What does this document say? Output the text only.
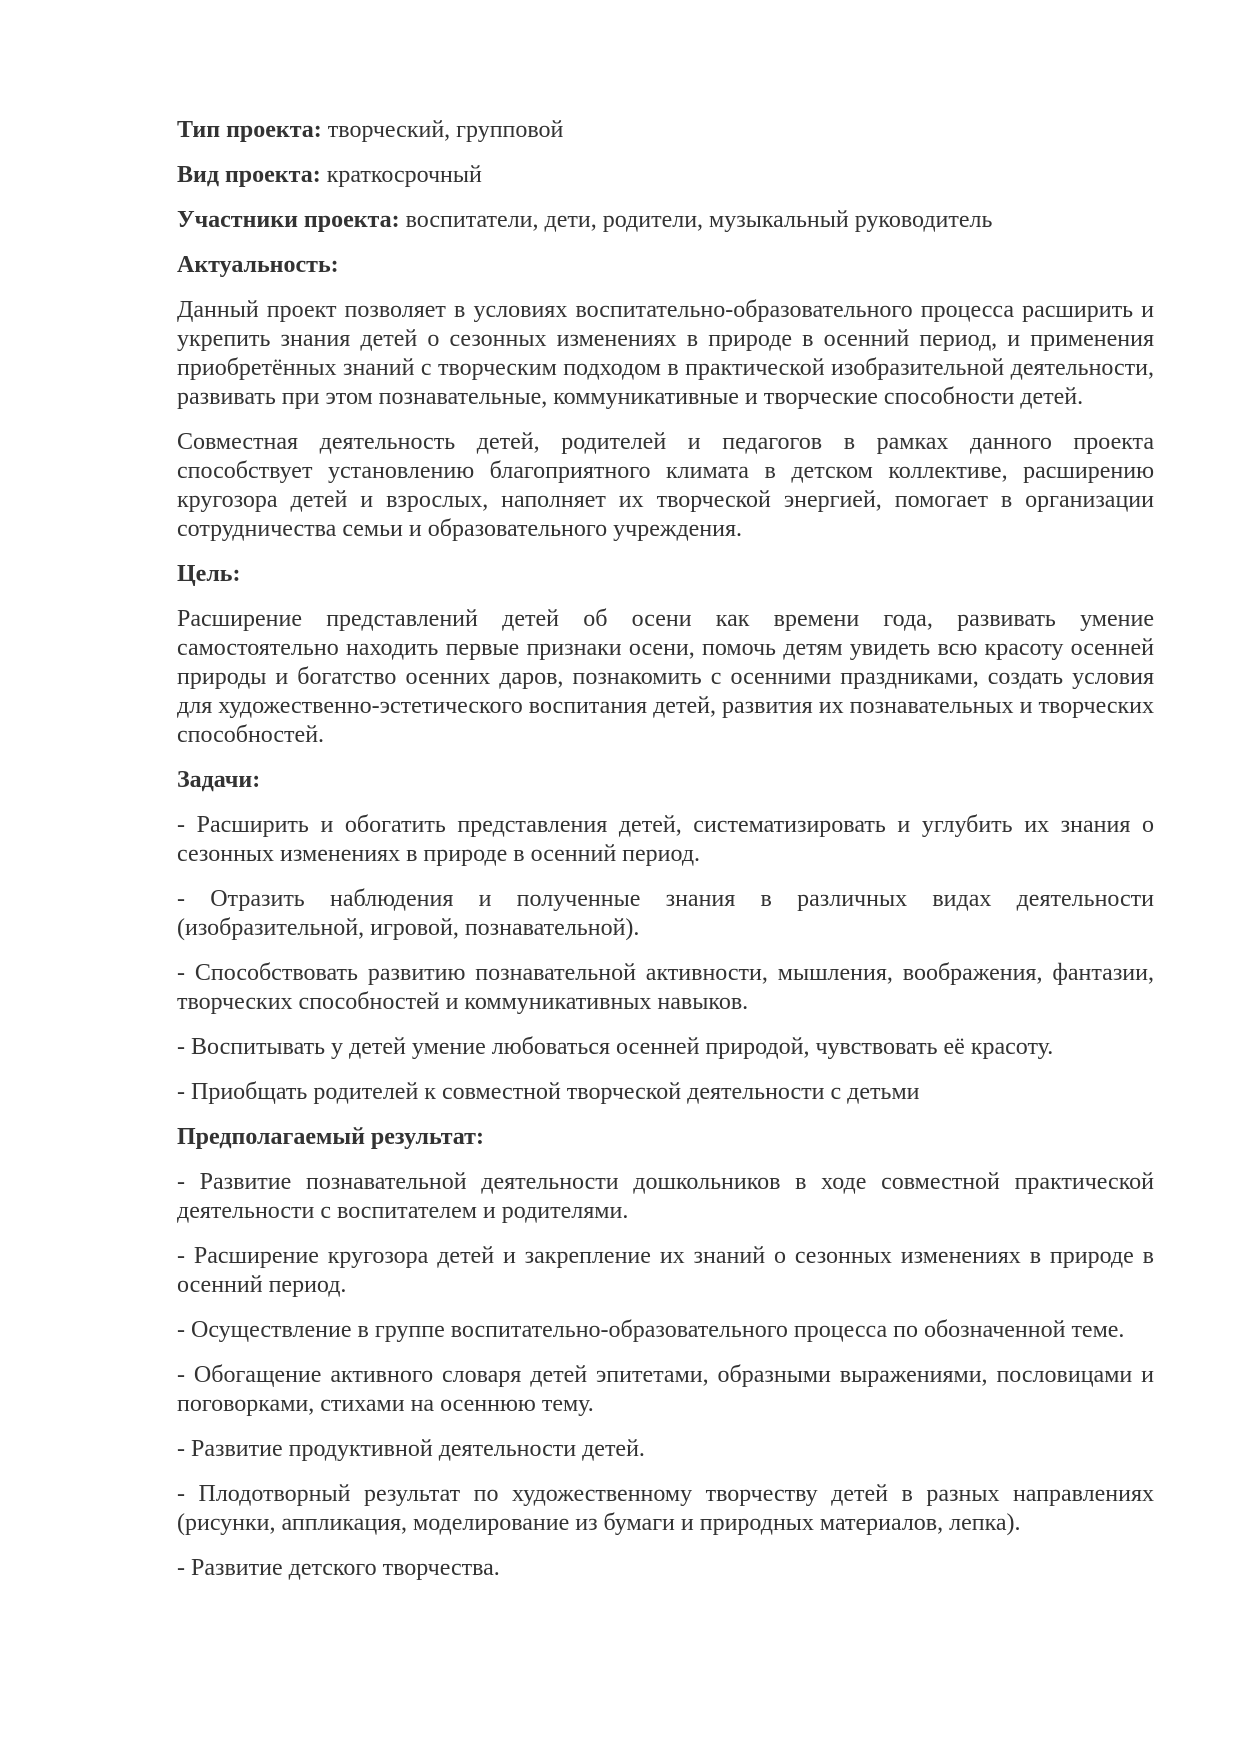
Тип проекта: творческий, групповой

Вид проекта: краткосрочный

Участники проекта: воспитатели, дети, родители, музыкальный руководитель

Актуальность:

Данный проект позволяет в условиях воспитательно-образовательного процесса расширить и укрепить знания детей о сезонных изменениях в природе в осенний период, и применения приобретённых знаний с творческим подходом в практической изобразительной деятельности, развивать при этом познавательные, коммуникативные и творческие способности детей.

Совместная деятельность детей, родителей и педагогов в рамках данного проекта способствует установлению благоприятного климата в детском коллективе, расширению кругозора детей и взрослых, наполняет их творческой энергией, помогает в организации сотрудничества семьи и образовательного учреждения.

Цель:

Расширение представлений детей об осени как времени года, развивать умение самостоятельно находить первые признаки осени, помочь детям увидеть всю красоту осенней природы и богатство осенних даров, познакомить с осенними праздниками, создать условия для художественно-эстетического воспитания детей, развития их познавательных и творческих способностей.

Задачи:

- Расширить и обогатить представления детей, систематизировать и углубить их знания о сезонных изменениях в природе в осенний период.

- Отразить наблюдения и полученные знания в различных видах деятельности (изобразительной, игровой, познавательной).

- Способствовать развитию познавательной активности, мышления, воображения, фантазии, творческих способностей и коммуникативных навыков.

- Воспитывать у детей умение любоваться осенней природой, чувствовать её красоту.

- Приобщать родителей к совместной творческой деятельности с детьми

Предполагаемый результат:

- Развитие познавательной деятельности дошкольников в ходе совместной практической деятельности с воспитателем и родителями.

- Расширение кругозора детей и закрепление их знаний о сезонных изменениях в природе в осенний период.

- Осуществление в группе воспитательно-образовательного процесса по обозначенной теме.

- Обогащение активного словаря детей эпитетами, образными выражениями, пословицами и поговорками, стихами на осеннюю тему.

- Развитие продуктивной деятельности детей.

- Плодотворный результат по художественному творчеству детей в разных направлениях (рисунки, аппликация, моделирование из бумаги и природных материалов, лепка).

- Развитие детского творчества.
